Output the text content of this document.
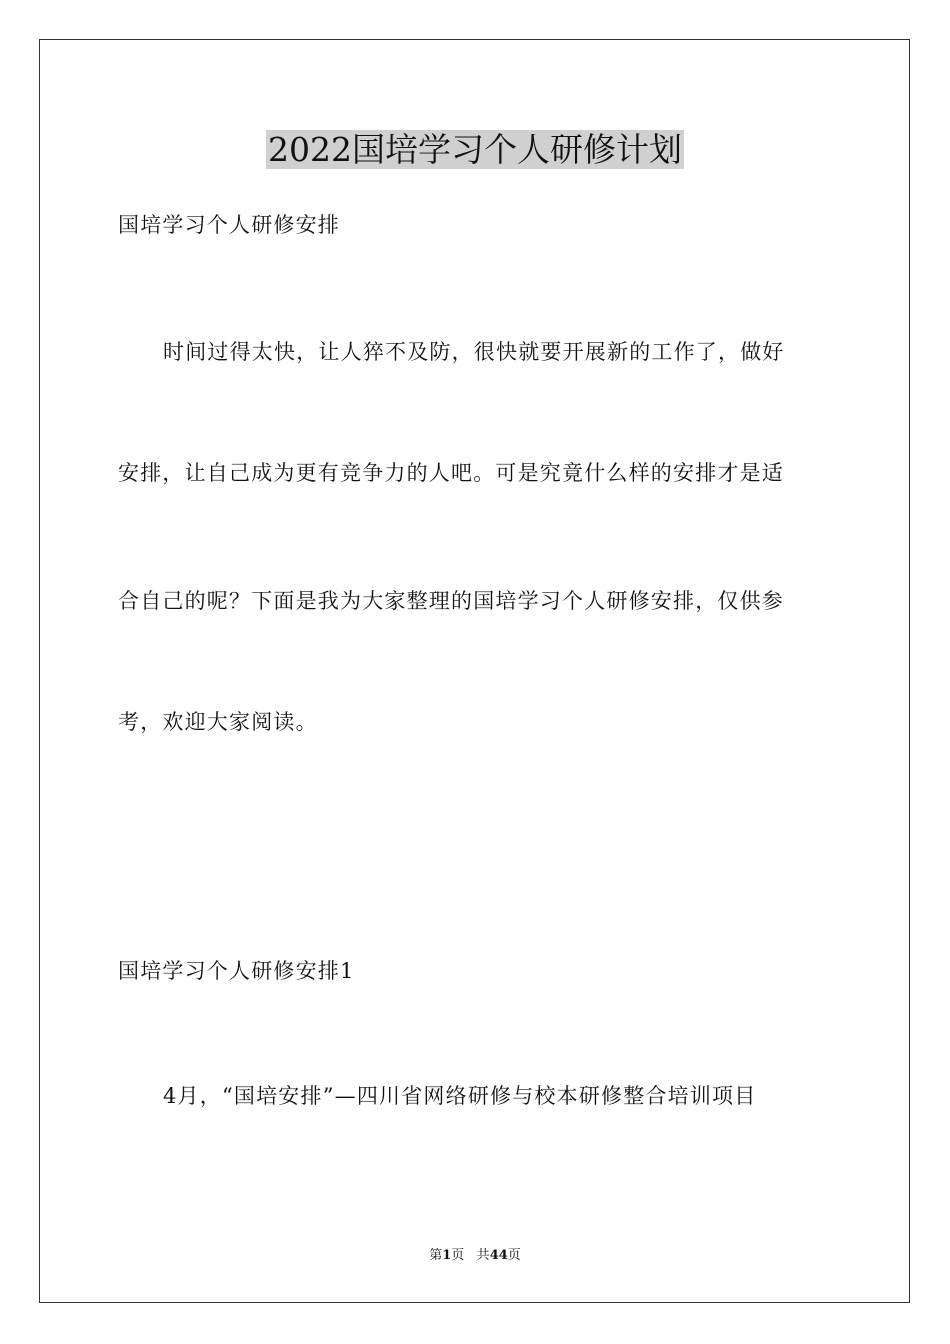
2022国培学习个人研修计划
国培学习个人研修安排
时间过得太快，让人猝不及防，很快就要开展新的工作了，做好
安排，让自己成为更有竞争力的人吧。可是究竟什么样的安排才是适
合自己的呢？下面是我为大家整理的国培学习个人研修安排，仅供参
考，欢迎大家阅读。
国培学习个人研修安排1
4月，“国培安排”—四川省网络研修与校本研修整合培训项目
第1页 共44页
